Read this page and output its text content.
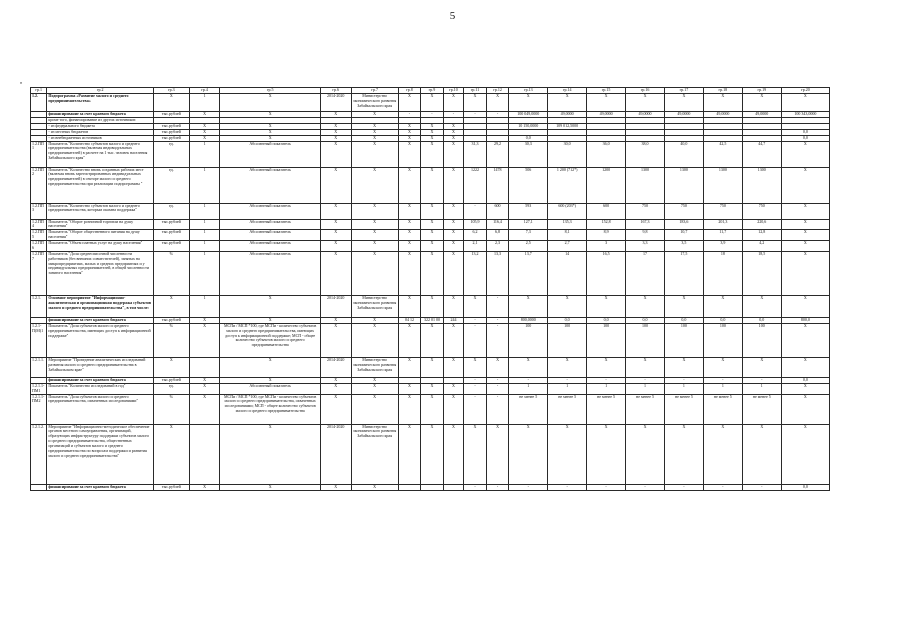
5
н
гр.1	гр.2	гр.3	гр.4	гр.5	гр.6	гр.7	гр.8	гр.9	гр.10	гр.11	гр.12	гр.13	гр.14	гр.15	гр.16	гр.17	гр.18	гр.19	гр.20
1.2.	Подпрограмма «Развитие малого и среднего предпринимательства»	X	1	X	2014-2020	Министерство экономического развития Забайкальского края	X	X	X	X	X	X	X	X	X	X	X	X	X
	финансирование за счет краевого бюджета	тыс.рублей	X	X	X	X	-	-	-	-	-	100 049,0000	49,0000	49,0000	49,0000	49,0000	49,0000	49,0000	100 343,0000
	кроме того, финансирование из других источников:																		
	- из федерального бюджета	тыс.рублей	X	X	X	X	X	X	X			10 150,0000	109 012,5000						
	- из местных бюджетов	тыс.рублей	X	X	X	X	X	X	X										0,0
	- из внебюджетных источников	тыс.рублей	X	X	X	X	X	X	X			0,0							0,0
1.2.ПП1	Показатель "Количество субъектов малого и среднего предпринимательства (включая индивидуальных предпринимателей) в расчете на 1 тыс. человек населения Забайкальского края"	ед.	1	Абсолютный показатель	X	X	X	X	X	31,3	29,2	30,3	30,0	36,0	38,0	40,0	42,5	44,7	X
1.2.ПП2	Показатель "Количество вновь созданных рабочих мест (включая вновь зарегистрированных индивидуальных предпринимателей) в секторе малого и среднего предпринимательства при реализации подпрограммы "	ед.	1	Абсолютный показатель	X	X	X	X	X	1222	1478	506	1 200 (712*)	1200	1300	1300	1300	1300	X
1.2.ПП3	Показатель "Количество субъектов малого и среднего предпринимательства, которым оказана поддержка"	ед.	1	Абсолютный показатель	X	X	X	X	X	-	600	593	600 (203*)	600	750	750	750	750	X
1.2.ПП4	Показатель "Оборот розничной торговли на душу населения"	тыс.рублей	1	Абсолютный показатель	X	X	X	X	X	105,9	116,4	127,1	135,3	152,8	167,3	183,6	201,3	220,6	X
1.2.ПП5	Показатель "Оборот общественного питания на душу населения"	тыс.рублей	1	Абсолютный показатель	X	X	X	X	X	6,2	6,8	7,3	8,1	8,9	9,8	10,7	11,7	12,8	X
1.2.ПП6	Показатель "Объем платных услуг на душу населения"	тыс.рублей	1	Абсолютный показатель	X	X	X	X	X	2,1	2,3	2,5	2,7	3	3,3	3,5	3,9	4,2	X
1.2.ПП7	Показатель "Доля среднесписочной численности работников (без внешних совместителей), занятых на микропредприятиях, малых и средних предприятиях и у индивидуальных предпринимателей, в общей численности занятого населения"	%	1	Абсолютный показатель	X	X	X	X	X	13,2	13,3	13,7	14	16,5	17	17,5	18	18,5	X
1.2.1.	Основное мероприятие "Информационно-аналитическая и организационная поддержка субъектов малого и среднего предпринимательства", в том числе:	X	1	X	2014-2020	Министерство экономического развития Забайкальского края	X	X	X	X	-	X	X	X	X	X	X	X	X
	финансирование за счет краевого бюджета	тыс.рублей	X	X	X	X	04 12	322 01 00	244	-	-	800,0000	0,0	0,0	0,0	0,0	0,0	0,0	800,0
1.2.1-П(М)1	Показатель "Доля субъектов малого и среднего предпринимательства, имеющих доступ к информационной поддержке"	%	X	МСПи / МСП *100, где МСПи - количество субъектов малого и среднего предпринимательства, имеющих доступ к информационной поддержке; МСП - общее количество субъектов малого и среднего предпринимательства	X	X	X	X	X	-	-	100	100	100	100	100	100	100	X
1.2.1.1.	Мероприятие "Проведение аналитических исследований развития малого и среднего предпринимательства в Забайкальском крае"	X		X	2014-2020	Министерство экономического развития Забайкальского края	X	X	X	X	X	X	X	X	X	X	X	X	X
	финансирование за счет краевого бюджета	тыс.рублей	X	X	X	X				-	-	-	-	-	-	-	-	-	0,0
1.2.1.1-ПМ1	Показатель "Количество исследований в год"	ед.	X	Абсолютный показатель	X	X	X	X	X	-	-	1	1	1	1	1	1	1	X
1.2.1.1-ПМ2	Показатель "Доля субъектов малого и среднего предпринимательства, охваченных исследованиями"	%	X	МСПи / МСП *100, где МСПи - количество субъектов малого и среднего предпринимательства, охваченных исследованиями; МСП - общее количество субъектов малого и среднего предпринимательства	X	X	X	X	X	-	-	не менее 5	не менее 5	не менее 5	не менее 5	не менее 5	не менее 5	не менее 5	X
1.2.1.2.	Мероприятие "Информационно-методическое обеспечение органов местного самоуправления, организаций, образующих инфраструктуру поддержки субъектов малого и среднего предпринимательства, общественных организаций и субъектов малого и среднего предпринимательства по вопросам поддержки и развития малого и среднего предпринимательства"	X		X	2014-2020	Министерство экономического развития Забайкальского края	X	X	X	X	X	X	X	X	X	X	X	X	X
	финансирование за счет краевого бюджета	тыс.рублей	X	X	X	X				-	-	-	-	-	-	-	-	-	0,0
